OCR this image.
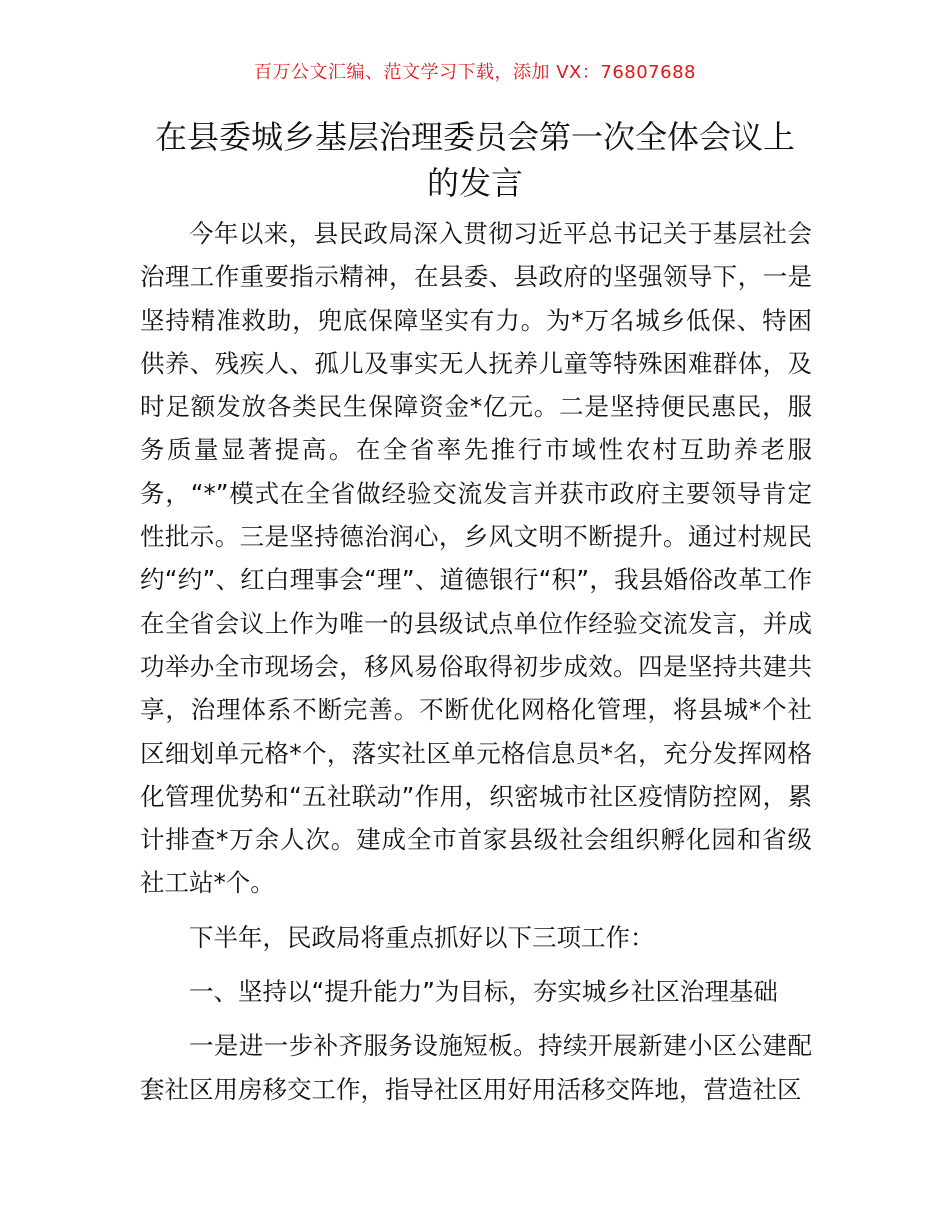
百万公文汇编、范文学习下载，添加 VX：76807688
在县委城乡基层治理委员会第一次全体会议上
的发言

今年以来，县民政局深入贯彻习近平总书记关于基层社会治理工作重要指示精神，在县委、县政府的坚强领导下，一是坚持精准救助，兜底保障坚实有力。为*万名城乡低保、特困供养、残疾人、孤儿及事实无人抚养儿童等特殊困难群体，及时足额发放各类民生保障资金*亿元。二是坚持便民惠民，服务质量显著提高。在全省率先推行市域性农村互助养老服务，“*”模式在全省做经验交流发言并获市政府主要领导肯定性批示。三是坚持德治润心，乡风文明不断提升。通过村规民约“约”、红白理事会“理”、道德银行“积”，我县婚俗改革工作在全省会议上作为唯一的县级试点单位作经验交流发言，并成功举办全市现场会，移风易俗取得初步成效。四是坚持共建共享，治理体系不断完善。不断优化网格化管理，将县城*个社区细划单元格*个，落实社区单元格信息员*名，充分发挥网格化管理优势和“五社联动”作用，织密城市社区疫情防控网，累计排查*万余人次。建成全市首家县级社会组织孵化园和省级社工站*个。

下半年，民政局将重点抓好以下三项工作：

一、坚持以“提升能力”为目标，夯实城乡社区治理基础

一是进一步补齐服务设施短板。持续开展新建小区公建配套社区用房移交工作，指导社区用好用活移交阵地，营造社区
